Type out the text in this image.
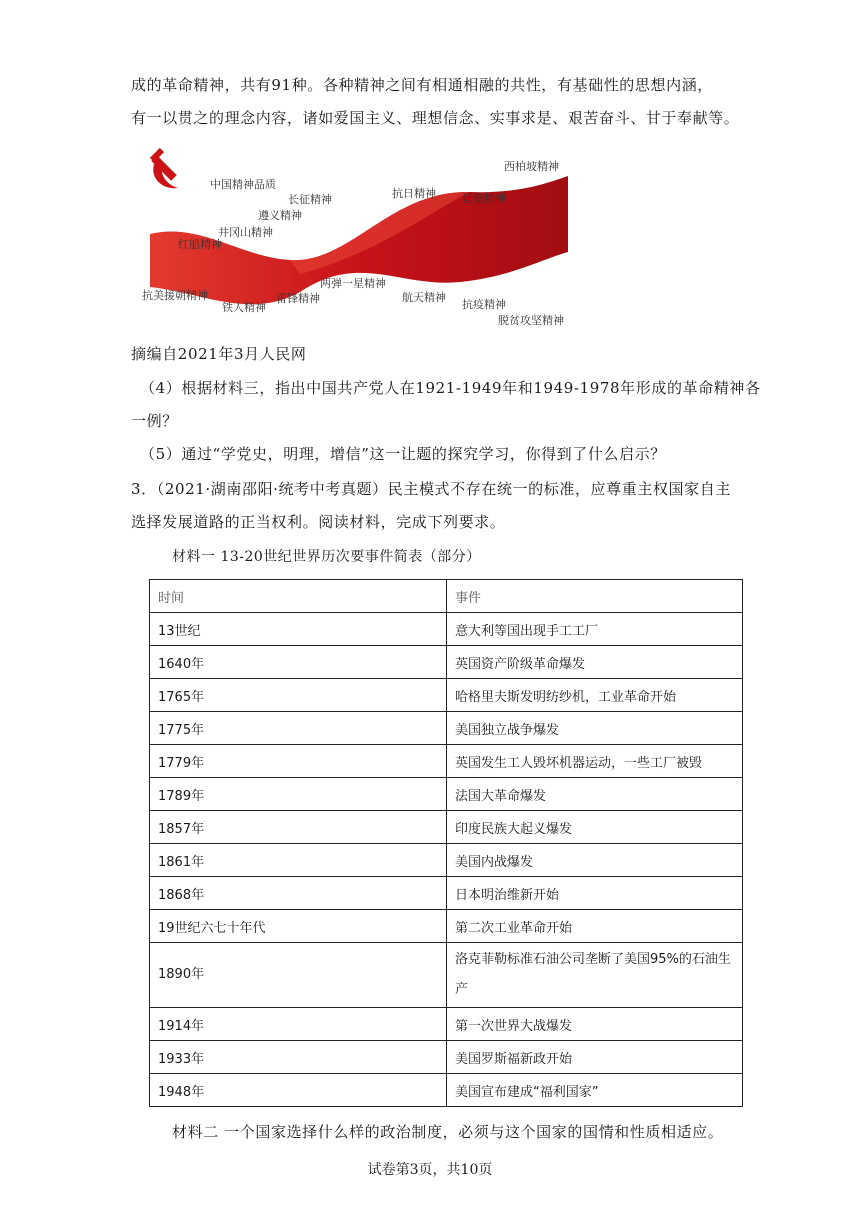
成的革命精神，共有91种。各种精神之间有相通相融的共性，有基础性的思想内涵，
有一以贯之的理念内容，诸如爱国主义、理想信念、实事求是、艰苦奋斗、甘于奉献等。
中国精神品质
长征精神	抗日精神
西柏坡精神
延安精神
遵义精神
井冈山精神
红船精神
两弹一星精神
航天精神
抗美援朝精神
铁人精神
雷锋精神	抗疫精神
脱贫攻坚精神
摘编自2021年3月人民网
（4）根据材料三，指出中国共产党人在1921-1949年和1949-1978年形成的革命精神各
一例？
（5）通过“学党史，明理，增信”这一让题的探究学习，你得到了什么启示？
3．（2021·湖南邵阳·统考中考真题）民主模式不存在统一的标准，应尊重主权国家自主
选择发展道路的正当权利。阅读材料，完成下列要求。
材料一 13-20世纪世界历次要事件简表（部分）
时间	事件
13世纪	意大利等国出现手工工厂
1640年	英国资产阶级革命爆发
1765年	哈格里夫斯发明纺纱机，工业革命开始
1775年	美国独立战争爆发
1779年	英国发生工人毁坏机器运动，一些工厂被毁
1789年	法国大革命爆发
1857年	印度民族大起义爆发
1861年	美国内战爆发
1868年	日本明治维新开始
19世纪六七十年代	第二次工业革命开始
1890年	洛克菲勒标准石油公司垄断了美国95%的石油生产
1914年	第一次世界大战爆发
1933年	美国罗斯福新政开始
1948年	美国宣布建成“福利国家”
材料二 一个国家选择什么样的政治制度，必须与这个国家的国情和性质相适应。
试卷第3页，共10页
